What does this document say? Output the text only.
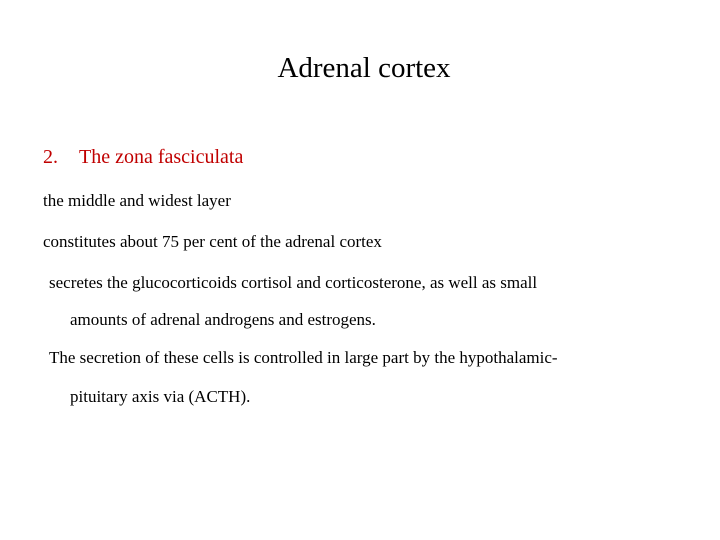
Adrenal cortex
2. The zona fasciculata
the middle and widest layer
constitutes about 75 per cent of the adrenal cortex
secretes the glucocorticoids cortisol and corticosterone, as well as small
amounts of adrenal androgens and estrogens.
The secretion of these cells is controlled in large part by the hypothalamic-
pituitary axis via (ACTH).
